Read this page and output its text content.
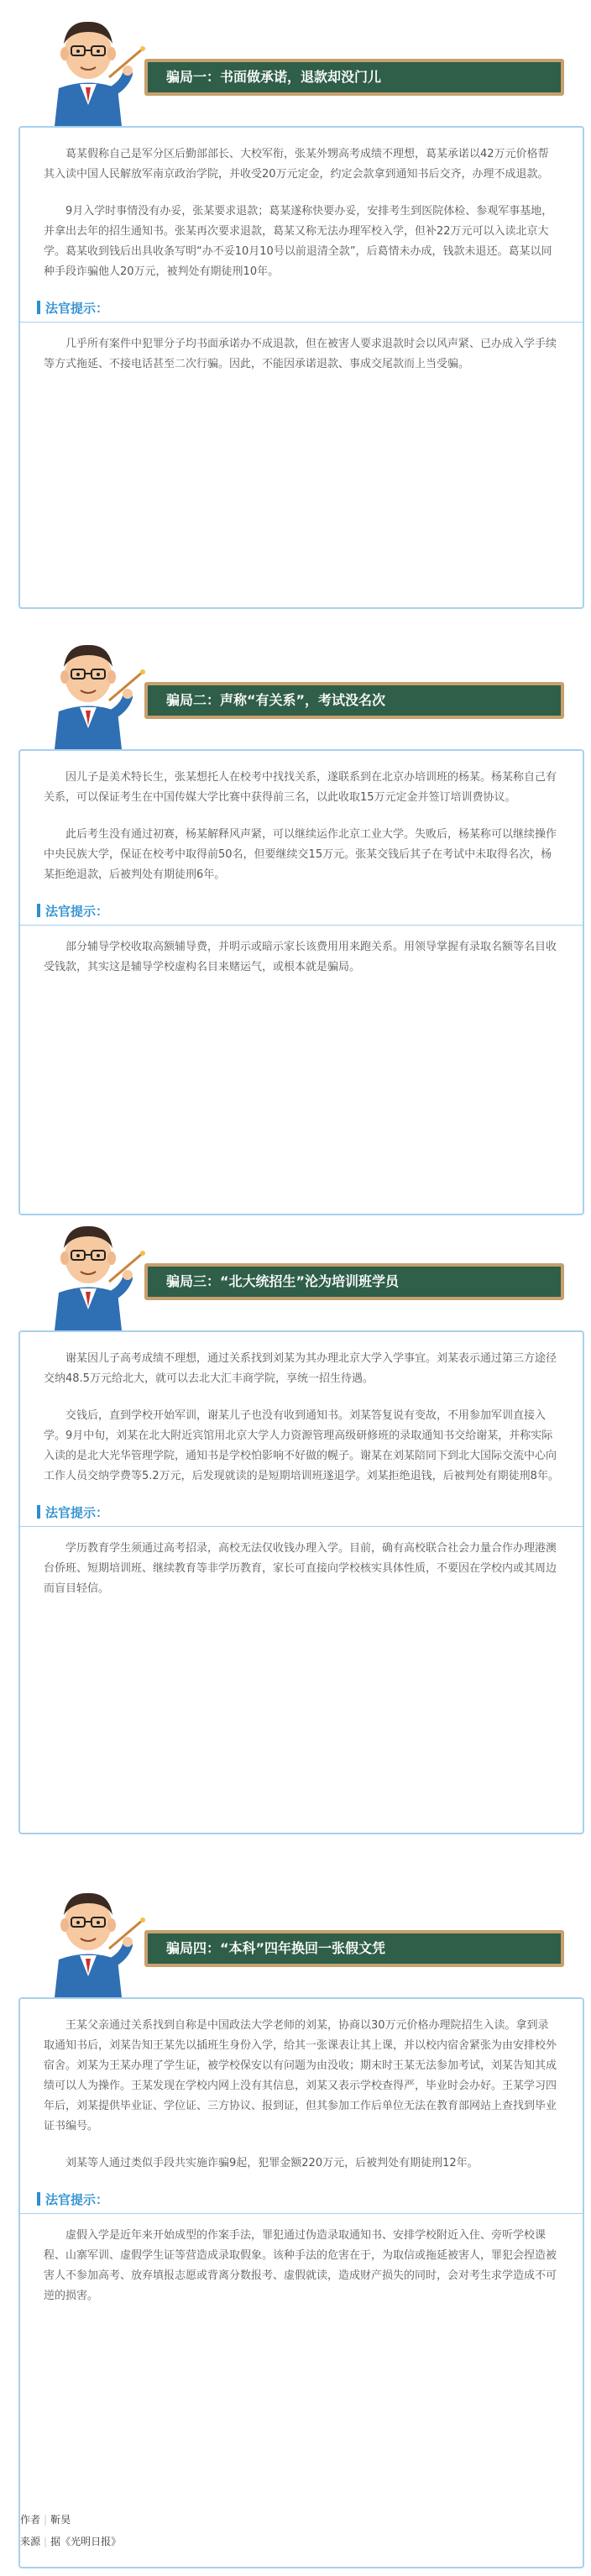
骗局一：书面做承诺，退款却没门儿

葛某假称自己是军分区后勤部部长、大校军衔，张某外甥高考成绩不理想，葛某承诺以42万元价格帮其入读中国人民解放军南京政治学院，并收受20万元定金，约定会款拿到通知书后交齐，办理不成退款。

9月入学时事情没有办妥，张某要求退款；葛某遂称快要办妥，安排考生到医院体检、参观军事基地，并拿出去年的招生通知书。张某再次要求退款，葛某又称无法办理军校入学，但补22万元可以入读北京大学。葛某收到钱后出具收条写明“办不妥10月10号以前退清全款”，后葛情未办成，钱款未退还。葛某以同种手段诈骗他人20万元，被判处有期徒刑10年。

法官提示：

几乎所有案件中犯罪分子均书面承诺办不成退款，但在被害人要求退款时会以风声紧、已办成入学手续等方式拖延、不接电话甚至二次行骗。因此，不能因承诺退款、事成交尾款而上当受骗。

骗局二：声称“有关系”，考试没名次

因儿子是美术特长生，张某想托人在校考中找找关系，遂联系到在北京办培训班的杨某。杨某称自己有关系，可以保证考生在中国传媒大学比赛中获得前三名，以此收取15万元定金并签订培训费协议。

此后考生没有通过初赛，杨某解释风声紧，可以继续运作北京工业大学。失败后，杨某称可以继续操作中央民族大学，保证在校考中取得前50名，但要继续交15万元。张某交钱后其子在考试中未取得名次，杨某拒绝退款，后被判处有期徒刑6年。

法官提示：

部分辅导学校收取高额辅导费，并明示或暗示家长该费用用来跑关系。用领导掌握有录取名额等名目收受钱款，其实这是辅导学校虚构名目来赌运气，或根本就是骗局。

骗局三：“北大统招生”沦为培训班学员

谢某因儿子高考成绩不理想，通过关系找到刘某为其办理北京大学入学事宜。刘某表示通过第三方途径交纳48.5万元给北大，就可以去北大汇丰商学院，享统一招生待遇。

交钱后，直到学校开始军训，谢某儿子也没有收到通知书。刘某答复说有变故，不用参加军训直接入学。9月中旬，刘某在北大附近宾馆用北京大学人力资源管理高级研修班的录取通知书交给谢某，并称实际入读的是北大光华管理学院，通知书是学校怕影响不好做的幌子。谢某在刘某陪同下到北大国际交流中心向工作人员交纳学费等5.2万元，后发现就读的是短期培训班遂退学。刘某拒绝退钱，后被判处有期徒刑8年。

法官提示：

学历教育学生须通过高考招录，高校无法仅收钱办理入学。目前，确有高校联合社会力量合作办理港澳台侨班、短期培训班、继续教育等非学历教育，家长可直接向学校核实具体性质，不要因在学校内或其周边而盲目轻信。

骗局四：“本科”四年换回一张假文凭

王某父亲通过关系找到自称是中国政法大学老师的刘某，协商以30万元价格办理院招生入读。拿到录取通知书后，刘某告知王某先以插班生身份入学，给其一张课表让其上课，并以校内宿舍紧张为由安排校外宿舍。刘某为王某办理了学生证，被学校保安以有问题为由没收；期末时王某无法参加考试，刘某告知其成绩可以人为操作。王某发现在学校内网上没有其信息，刘某又表示学校查得严，毕业时会办好。王某学习四年后，刘某提供毕业证、学位证、三方协议、报到证，但其参加工作后单位无法在教育部网站上查找到毕业证书编号。

刘某等人通过类似手段共实施诈骗9起，犯罪金额220万元，后被判处有期徒刑12年。

法官提示：

虚假入学是近年来开始成型的作案手法，罪犯通过伪造录取通知书、安排学校附近入住、旁听学校课程、山寨军训、虚假学生证等营造成录取假象。该种手法的危害在于，为取信或拖延被害人，罪犯会捏造被害人不参加高考、放弃填报志愿或背离分数报考、虚假就读，造成财产损失的同时，会对考生求学造成不可逆的损害。

作者 | 靳昊
来源 | 据《光明日报》
